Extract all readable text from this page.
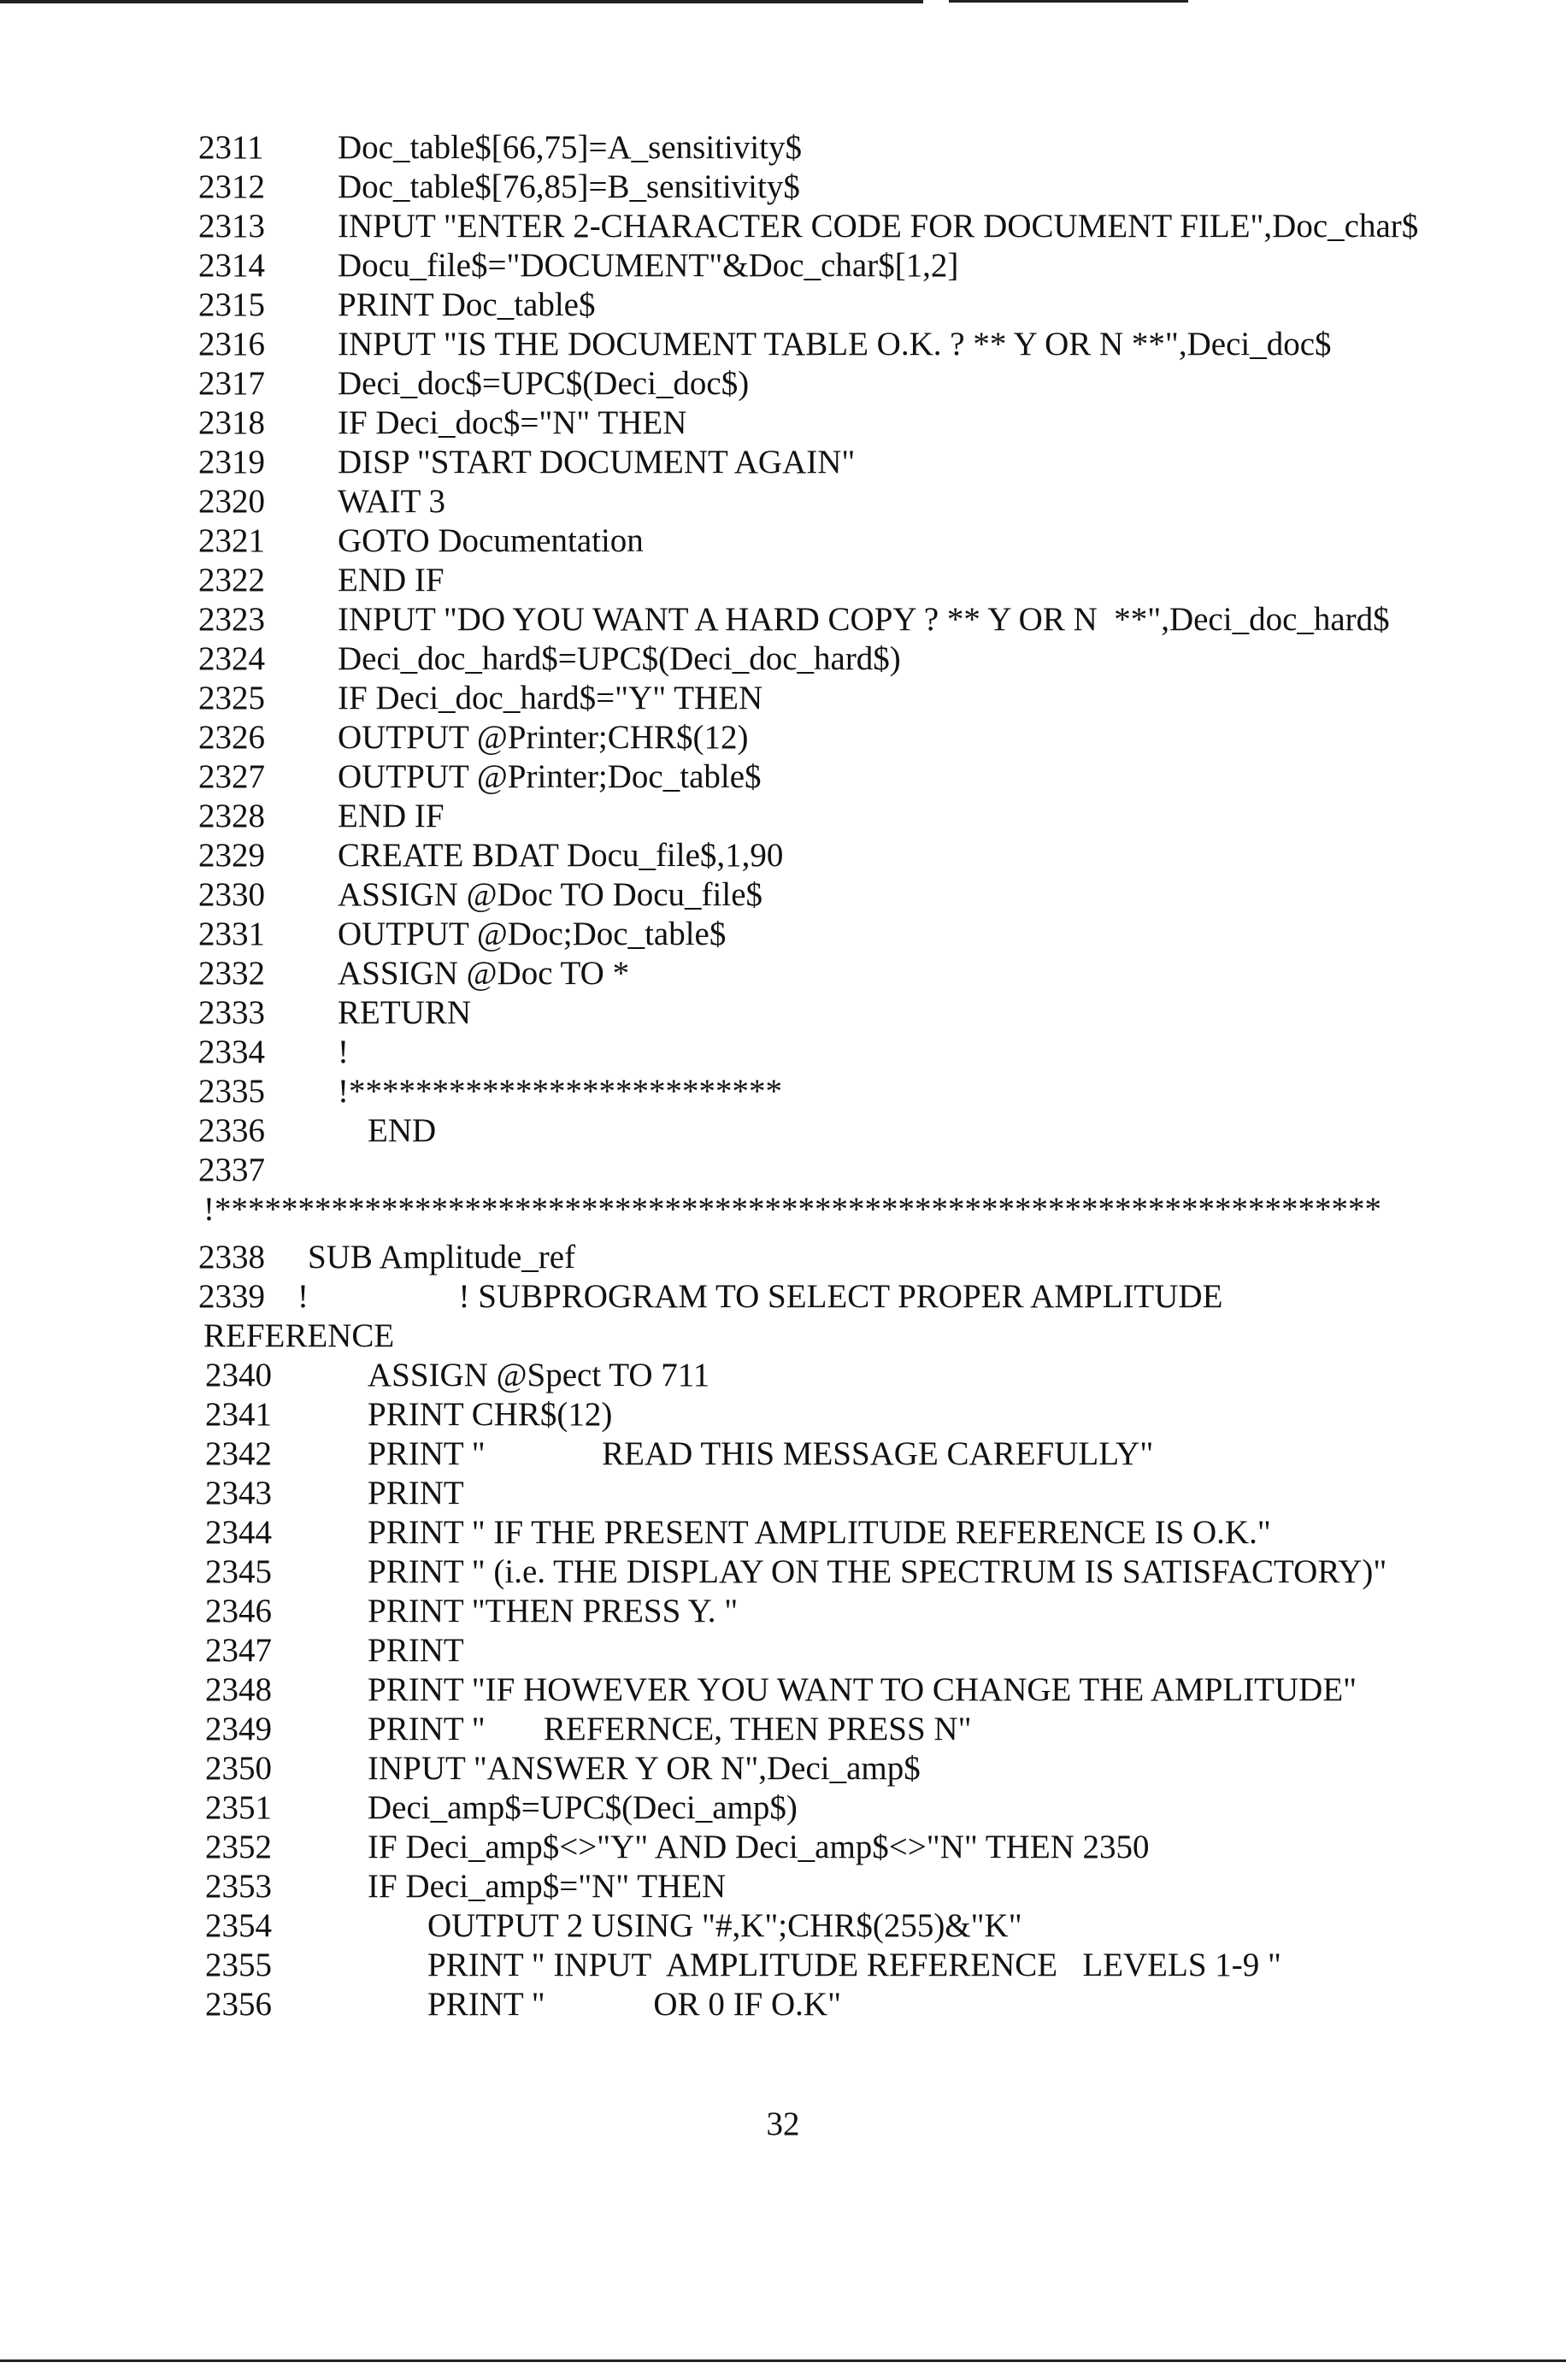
2311 Doc_table$[66,75]=A_sensitivity$
2312 Doc_table$[76,85]=B_sensitivity$
2313 INPUT "ENTER 2-CHARACTER CODE FOR DOCUMENT FILE",Doc_char$
2314 Docu_file$="DOCUMENT"&Doc_char$[1,2]
2315 PRINT Doc_table$
2316 INPUT "IS THE DOCUMENT TABLE O.K. ? ** Y OR N **",Deci_doc$
2317 Deci_doc$=UPC$(Deci_doc$)
2318 IF Deci_doc$="N" THEN
2319 DISP "START DOCUMENT AGAIN"
2320 WAIT 3
2321 GOTO Documentation
2322 END IF
2323 INPUT "DO YOU WANT A HARD COPY ? ** Y OR N  **",Deci_doc_hard$
2324 Deci_doc_hard$=UPC$(Deci_doc_hard$)
2325 IF Deci_doc_hard$="Y" THEN
2326 OUTPUT @Printer;CHR$(12)
2327 OUTPUT @Printer;Doc_table$
2328 END IF
2329 CREATE BDAT Docu_file$,1,90
2330 ASSIGN @Doc TO Docu_file$
2331 OUTPUT @Doc;Doc_table$
2332 ASSIGN @Doc TO *
2333 RETURN
2334 !
2335 !**************************
2336	END
2337
!**********************************************************************
2338 SUB Amplitude_ref
2339 !                  ! SUBPROGRAM TO SELECT PROPER AMPLITUDE
REFERENCE
2340	ASSIGN @Spect TO 711
2341	PRINT CHR$(12)
2342	PRINT "              READ THIS MESSAGE CAREFULLY"
2343	PRINT
2344	PRINT " IF THE PRESENT AMPLITUDE REFERENCE IS O.K."
2345	PRINT " (i.e. THE DISPLAY ON THE SPECTRUM IS SATISFACTORY)"
2346	PRINT "THEN PRESS Y. "
2347	PRINT
2348	PRINT "IF HOWEVER YOU WANT TO CHANGE THE AMPLITUDE"
2349	PRINT "       REFERNCE, THEN PRESS N"
2350	INPUT "ANSWER Y OR N",Deci_amp$
2351	Deci_amp$=UPC$(Deci_amp$)
2352	IF Deci_amp$<>"Y" AND Deci_amp$<>"N" THEN 2350
2353	IF Deci_amp$="N" THEN
2354	OUTPUT 2 USING "#,K";CHR$(255)&"K"
2355	PRINT " INPUT  AMPLITUDE REFERENCE   LEVELS 1-9 "
2356	PRINT "             OR 0 IF O.K"
32
